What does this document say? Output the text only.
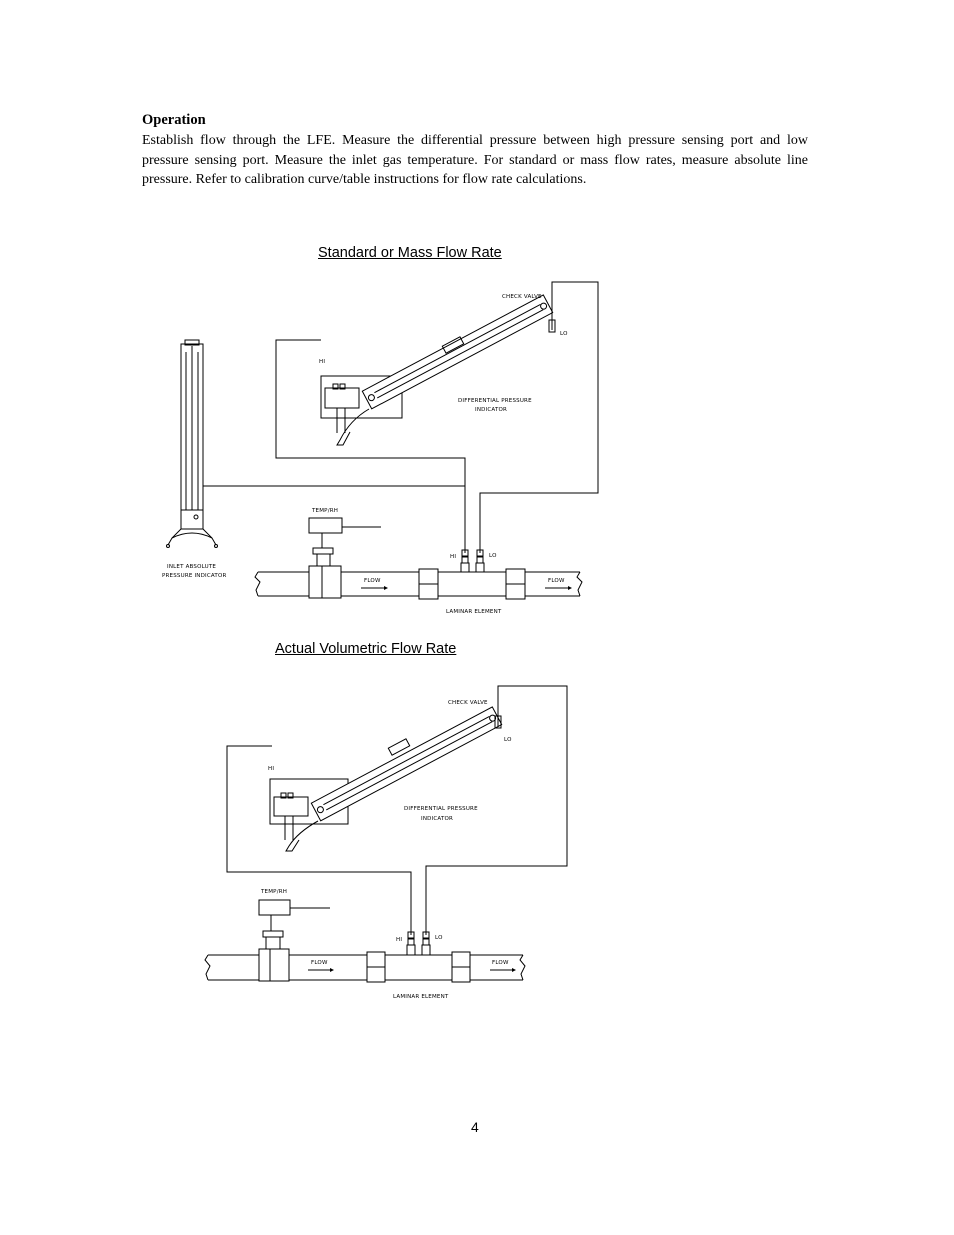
Operation
Establish flow through the LFE. Measure the differential pressure between high pressure sensing port and low pressure sensing port. Measure the inlet gas temperature. For standard or mass flow rates, measure absolute line pressure. Refer to calibration curve/table instructions for flow rate calculations.
Standard or Mass Flow Rate
Actual Volumetric Flow Rate
INLET ABSOLUTE
PRESSURE INDICATOR
HI
CHECK VALVE
LO
DIFFERENTIAL PRESSURE
INDICATOR
TEMP/RH
FLOW	FLOW
LAMINAR ELEMENT
HI	LO
HI
CHECK VALVE
LO
DIFFERENTIAL PRESSURE
INDICATOR
TEMP/RH
FLOW	FLOW
LAMINAR ELEMENT
HI	LO
4
